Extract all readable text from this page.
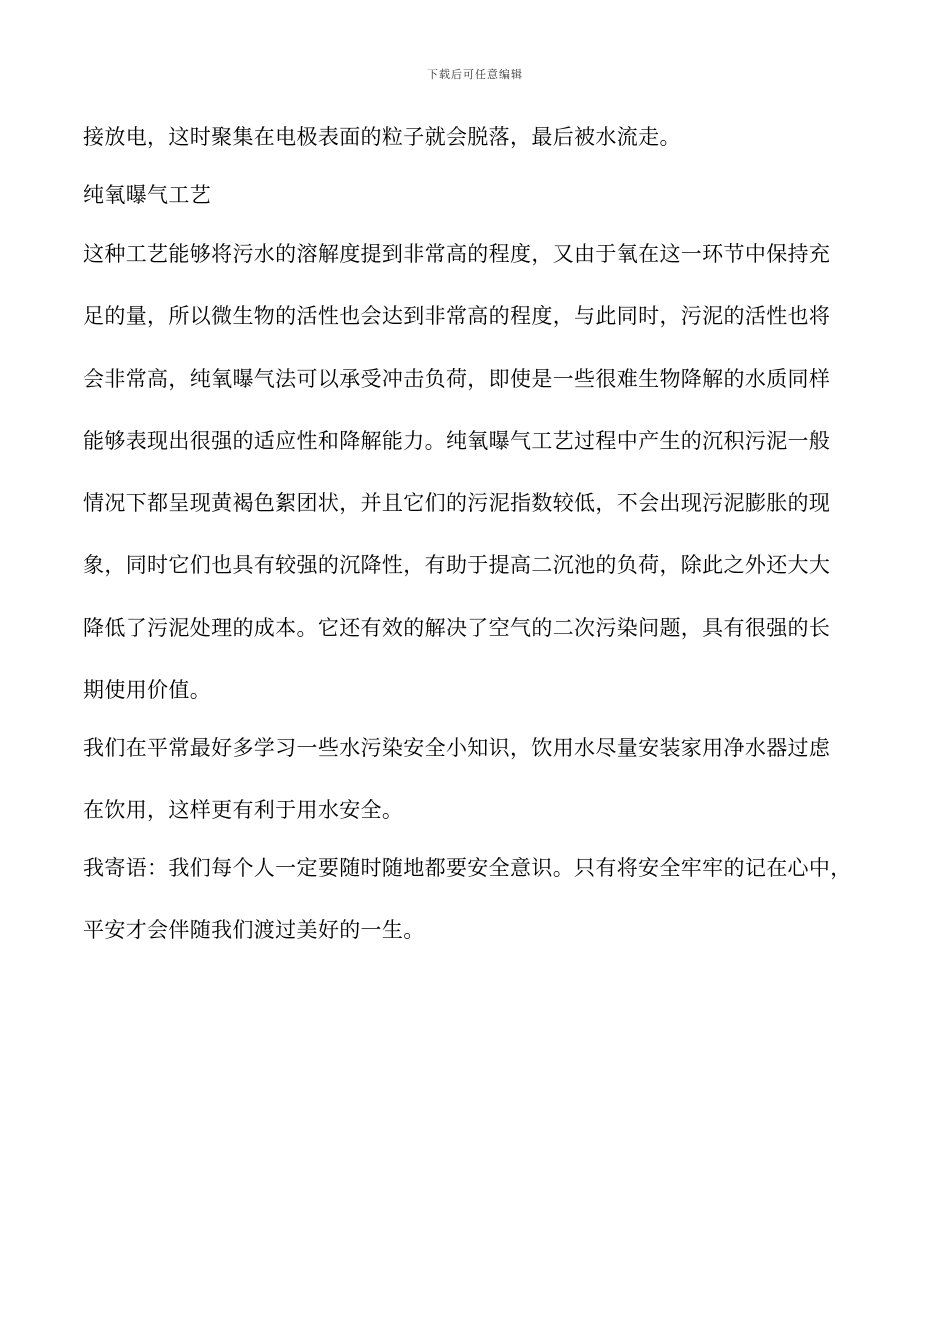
下载后可任意编辑
接放电，这时聚集在电极表面的粒子就会脱落，最后被水流走。
纯氧曝气工艺
这种工艺能够将污水的溶解度提到非常高的程度，又由于氧在这一环节中保持充
足的量，所以微生物的活性也会达到非常高的程度，与此同时，污泥的活性也将
会非常高，纯氧曝气法可以承受冲击负荷，即使是一些很难生物降解的水质同样
能够表现出很强的适应性和降解能力。纯氧曝气工艺过程中产生的沉积污泥一般
情况下都呈现黄褐色絮团状，并且它们的污泥指数较低，不会出现污泥膨胀的现
象，同时它们也具有较强的沉降性，有助于提高二沉池的负荷，除此之外还大大
降低了污泥处理的成本。它还有效的解决了空气的二次污染问题，具有很强的长
期使用价值。
我们在平常最好多学习一些水污染安全小知识，饮用水尽量安装家用净水器过虑
在饮用，这样更有利于用水安全。
我寄语：我们每个人一定要随时随地都要安全意识。只有将安全牢牢的记在心中，
平安才会伴随我们渡过美好的一生。
